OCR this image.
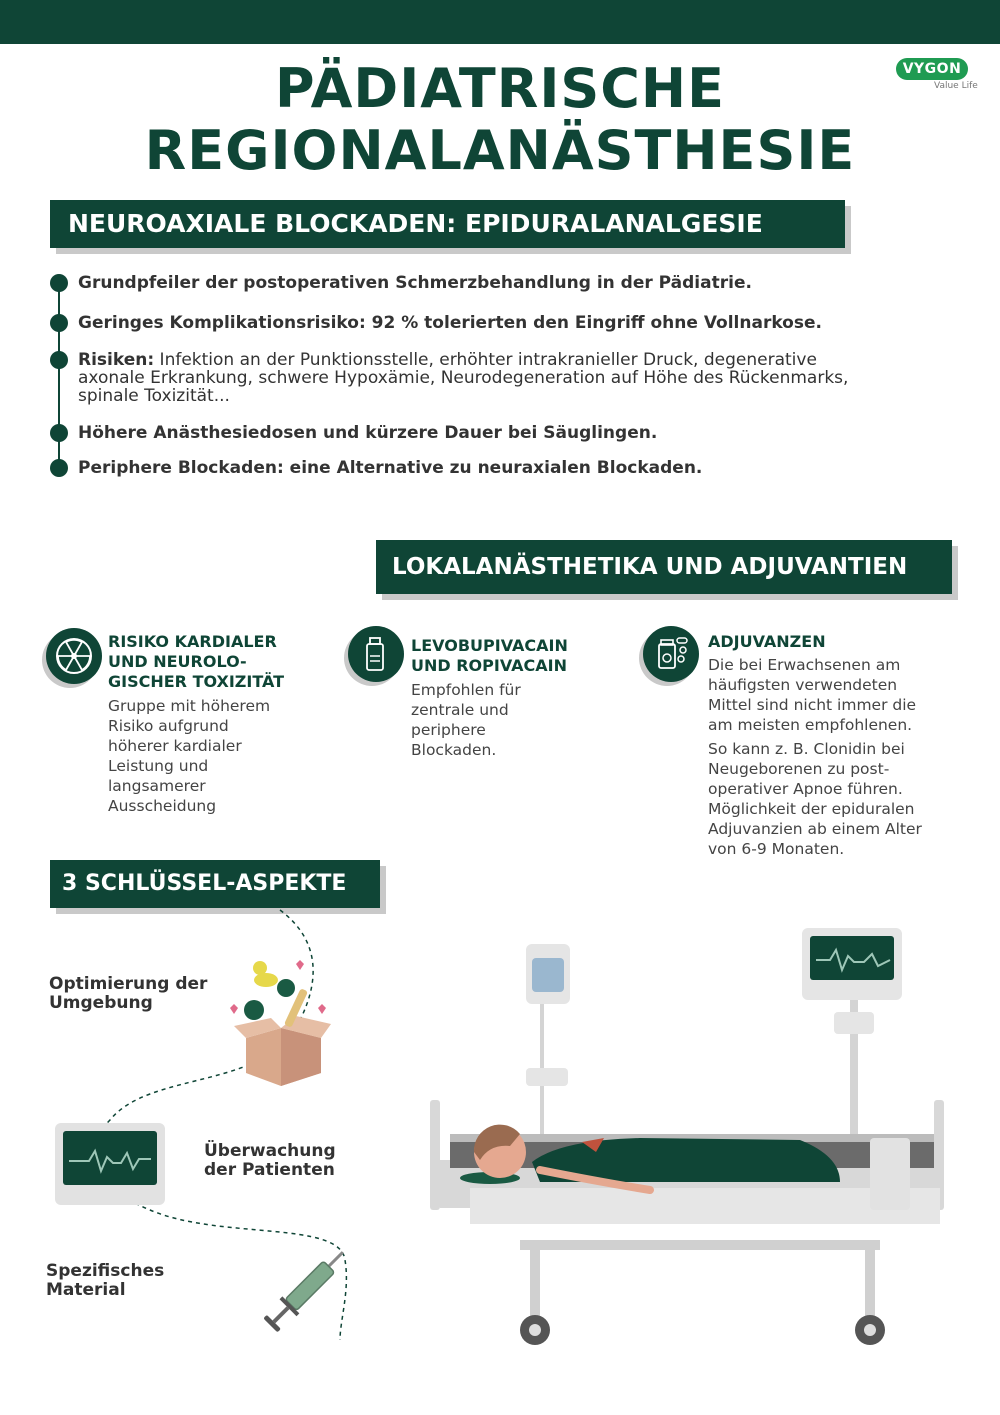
VYGON
Value Life
PÄDIATRISCHE
REGIONALANÄSTHESIE
NEUROAXIALE BLOCKADEN: EPIDURALANALGESIE
Grundpfeiler der postoperativen Schmerzbehandlung in der Pädiatrie.
Geringes Komplikationsrisiko: 92 % tolerierten den Eingriff ohne Vollnarkose.
Risiken: Infektion an der Punktionsstelle, erhöhter intrakranieller Druck, degenerative axonale Erkrankung, schwere Hypoxämie, Neurodegeneration auf Höhe des Rückenmarks, spinale Toxizität...
Höhere Anästhesiedosen und kürzere Dauer bei Säuglingen.
Periphere Blockaden: eine Alternative zu neuraxialen Blockaden.
LOKALANÄSTHETIKA UND ADJUVANTIEN
RISIKO KARDIALER UND NEUROLO-GISCHER TOXIZITÄT
Gruppe mit höherem Risiko aufgrund höherer kardialer Leistung und langsamerer Ausscheidung
LEVOBUPIVACAIN UND ROPIVACAIN
Empfohlen für zentrale und periphere Blockaden.
ADJUVANZEN
Die bei Erwachsenen am häufigsten verwendeten Mittel sind nicht immer die am meisten empfohlenen.
So kann z. B. Clonidin bei Neugeborenen zu post-operativer Apnoe führen. Möglichkeit der epiduralen Adjuvanzien ab einem Alter von 6-9 Monaten.
3 SCHLÜSSEL-ASPEKTE
Optimierung der Umgebung
Überwachung der Patienten
Spezifisches Material
